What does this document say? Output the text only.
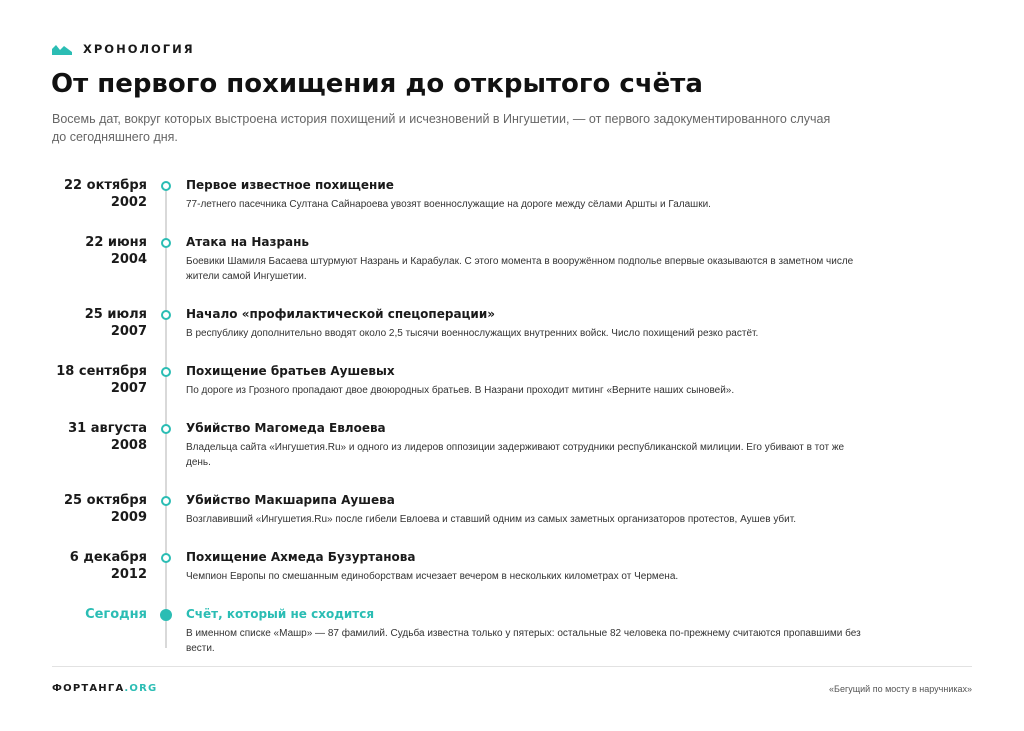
ХРОНОЛОГИЯ
От первого похищения до открытого счёта

Восемь дат, вокруг которых выстроена история похищений и исчезновений в Ингушетии, — от первого задокументированного случая до сегодняшнего дня.

22 октября
2002
Первое известное похищение
77-летнего пасечника Султана Сайнароева увозят военнослужащие на дороге между сёлами Аршты и Галашки.
22 июня
2004
Атака на Назрань
Боевики Шамиля Басаева штурмуют Назрань и Карабулак. С этого момента в вооружённом подполье впервые оказываются в заметном числе жители самой Ингушетии.
25 июля
2007
Начало «профилактической спецоперации»
В республику дополнительно вводят около 2,5 тысячи военнослужащих внутренних войск. Число похищений резко растёт.
18 сентября
2007
Похищение братьев Аушевых
По дороге из Грозного пропадают двое двоюродных братьев. В Назрани проходит митинг «Верните наших сыновей».
31 августа
2008
Убийство Магомеда Евлоева
Владельца сайта «Ингушетия.Ru» и одного из лидеров оппозиции задерживают сотрудники республиканской милиции. Его убивают в тот же день.
25 октября
2009
Убийство Макшарипа Аушева
Возглавивший «Ингушетия.Ru» после гибели Евлоева и ставший одним из самых заметных организаторов протестов, Аушев убит.
6 декабря
2012
Похищение Ахмеда Бузуртанова
Чемпион Европы по смешанным единоборствам исчезает вечером в нескольких километрах от Чермена.
Сегодня	Счёт, который не сходится
В именном списке «Машр» — 87 фамилий. Судьба известна только у пятерых: остальные 82 человека по-прежнему считаются пропавшими без вести.
ФОРТАНГА.ORG	«Бегущий по мосту в наручниках»
